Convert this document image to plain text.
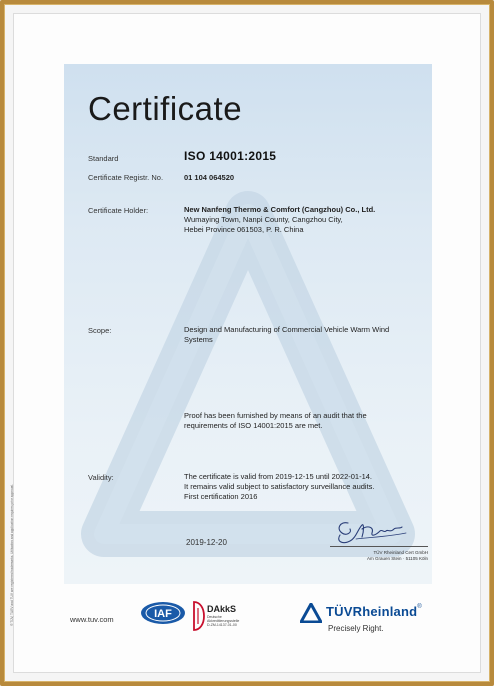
Certificate
Standard	ISO 14001:2015
Certificate Registr. No.	01 104 064520
Certificate Holder:	New Nanfeng Thermo & Comfort (Cangzhou) Co., Ltd.
Wumaying Town, Nanpi County, Cangzhou City,
Hebei Province 061503, P. R. China
Scope:	Design and Manufacturing of Commercial Vehicle Warm Wind
Systems
Proof has been furnished by means of an audit that the
requirements of ISO 14001:2015 are met.
Validity:	The certificate is valid from 2019-12-15 until 2022-01-14.
It remains valid subject to satisfactory surveillance audits.
First certification 2016
2019-12-20
TÜV Rheinland Cert GmbH
Am Grauen Stein · 51105 Köln
www.tuv.com	IAF	DAkkS
Deutsche
Akkreditierungsstelle
D-ZM-14137-01-00
TÜVRheinland®
Precisely Right.
® TÜV, TUEV and TUV are registered trademarks. Utilisation and application requires prior approval.
